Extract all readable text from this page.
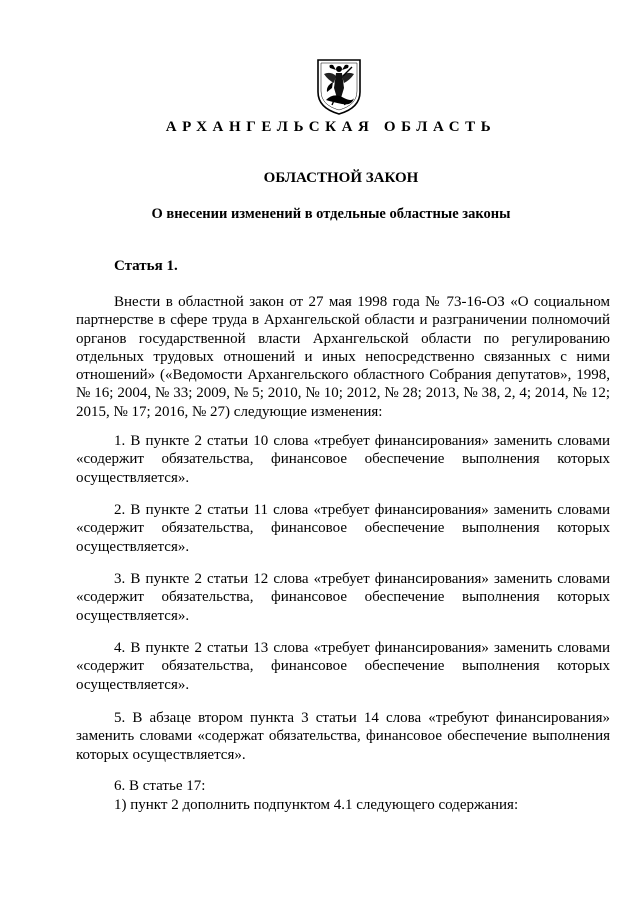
АРХАНГЕЛЬСКАЯ ОБЛАСТЬ
ОБЛАСТНОЙ ЗАКОН
О внесении изменений в отдельные областные законы
Статья 1.
Внести в областной закон от 27 мая 1998 года № 73-16-ОЗ «О социальном партнерстве в сфере труда в Архангельской области и разграничении полномочий органов государственной власти Архангельской области по регулированию отдельных трудовых отношений и иных непосредственно связанных с ними отношений» («Ведомости Архангельского областного Собрания депутатов», 1998, № 16; 2004, № 33; 2009, № 5; 2010, № 10; 2012, № 28; 2013, № 38, 2, 4; 2014, № 12; 2015, № 17; 2016, № 27) следующие изменения:
1. В пункте 2 статьи 10 слова «требует финансирования» заменить словами «содержит обязательства, финансовое обеспечение выполнения которых осуществляется».
2. В пункте 2 статьи 11 слова «требует финансирования» заменить словами «содержит обязательства, финансовое обеспечение выполнения которых осуществляется».
3. В пункте 2 статьи 12 слова «требует финансирования» заменить словами «содержит обязательства, финансовое обеспечение выполнения которых осуществляется».
4. В пункте 2 статьи 13 слова «требует финансирования» заменить словами «содержит обязательства, финансовое обеспечение выполнения которых осуществляется».
5. В абзаце втором пункта 3 статьи 14 слова «требуют финансирования» заменить словами «содержат обязательства, финансовое обеспечение выполнения которых осуществляется».
6. В статье 17:
1) пункт 2 дополнить подпунктом 4.1 следующего содержания:
